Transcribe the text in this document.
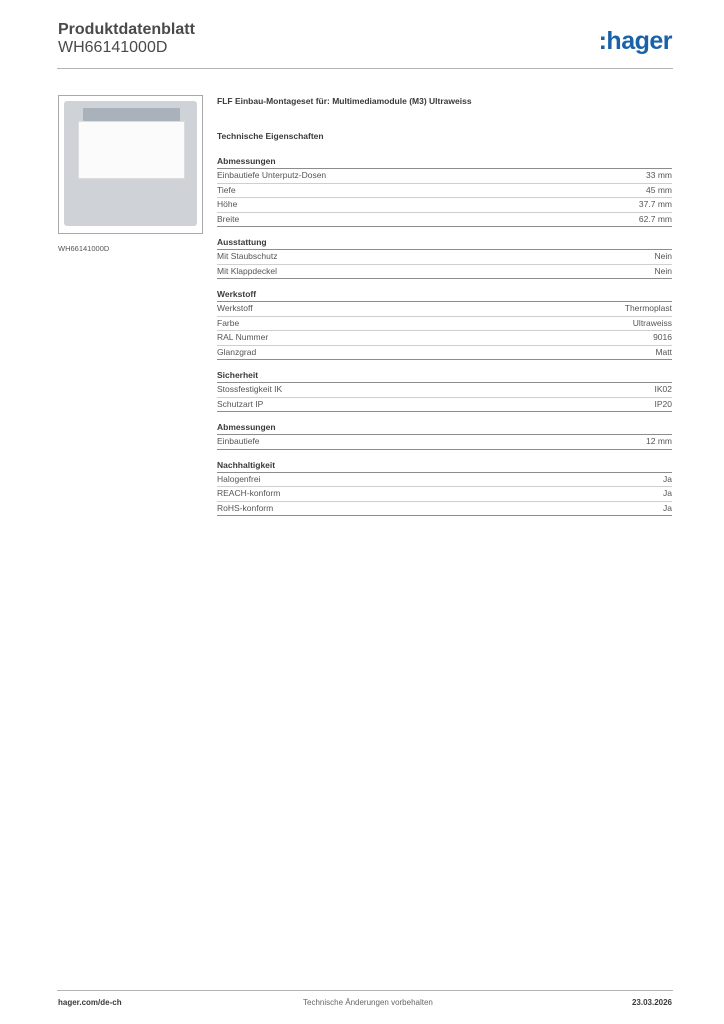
Produktdatenblatt
WH66141000D	:hager
WH66141000D
FLF Einbau-Montageset für: Multimediamodule (M3) Ultraweiss
Technische Eigenschaften
Abmessungen
Einbautiefe Unterputz-Dosen	33 mm
Tiefe	45 mm
Höhe	37.7 mm
Breite	62.7 mm
Ausstattung
Mit Staubschutz	Nein
Mit Klappdeckel	Nein
Werkstoff
Werkstoff	Thermoplast
Farbe	Ultraweiss
RAL Nummer	9016
Glanzgrad	Matt
Sicherheit
Stossfestigkeit IK	IK02
Schutzart IP	IP20
Abmessungen
Einbautiefe	12 mm
Nachhaltigkeit
Halogenfrei	Ja
REACH-konform	Ja
RoHS-konform	Ja
hager.com/de-ch	Technische Änderungen vorbehalten	23.03.2026
